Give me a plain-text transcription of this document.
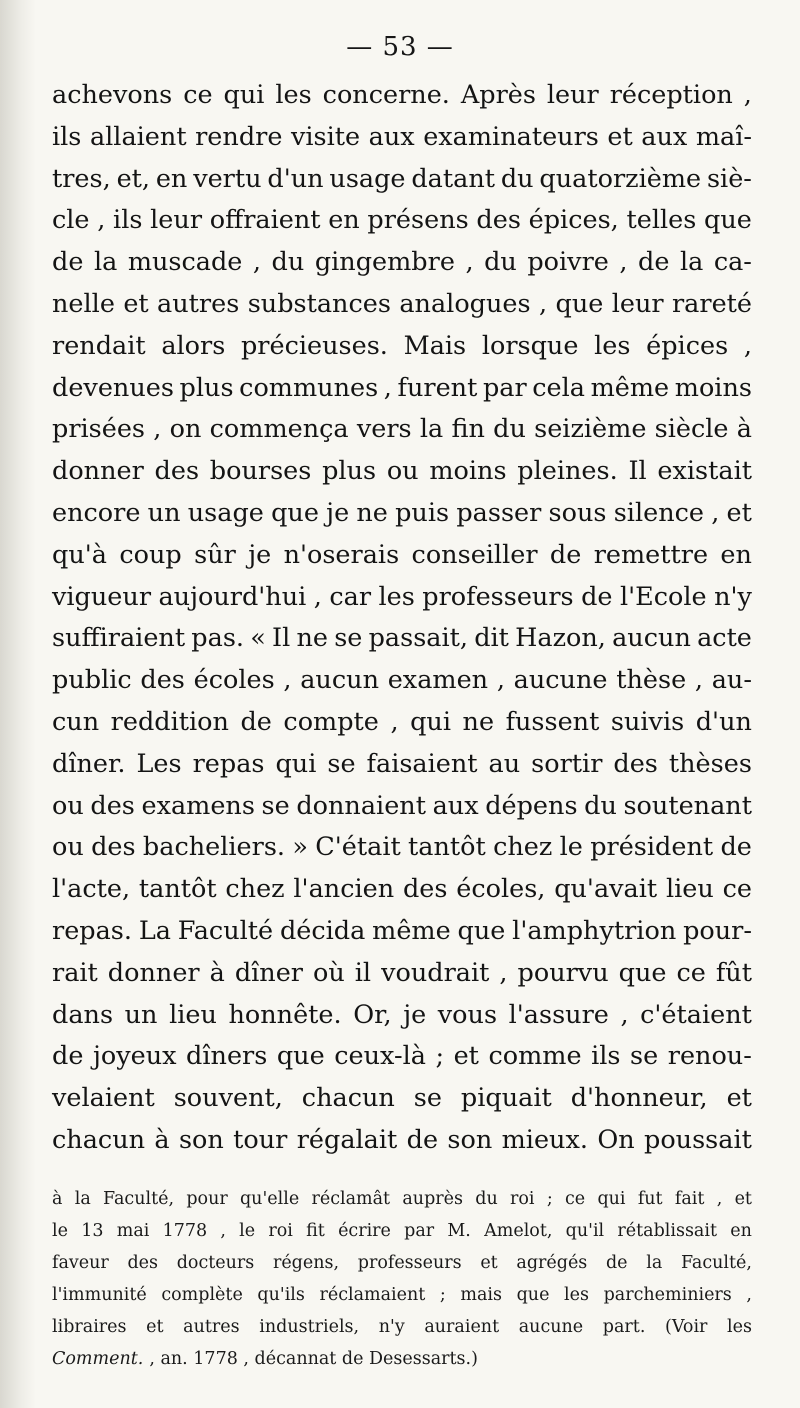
— 53 —
achevons ce qui les concerne. Après leur réception ,
ils allaient rendre visite aux examinateurs et aux maî-
tres, et, en vertu d'un usage datant du quatorzième siè-
cle , ils leur offraient en présens des épices, telles que
de la muscade , du gingembre , du poivre , de la ca-
nelle et autres substances analogues , que leur rareté
rendait alors précieuses. Mais lorsque les épices ,
devenues plus communes , furent par cela même moins
prisées , on commença vers la fin du seizième siècle à
donner des bourses plus ou moins pleines. Il existait
encore un usage que je ne puis passer sous silence , et
qu'à coup sûr je n'oserais conseiller de remettre en
vigueur aujourd'hui , car les professeurs de l'Ecole n'y
suffiraient pas. « Il ne se passait, dit Hazon, aucun acte
public des écoles , aucun examen , aucune thèse , au-
cun reddition de compte , qui ne fussent suivis d'un
dîner. Les repas qui se faisaient au sortir des thèses
ou des examens se donnaient aux dépens du soutenant
ou des bacheliers. » C'était tantôt chez le président de
l'acte, tantôt chez l'ancien des écoles, qu'avait lieu ce
repas. La Faculté décida même que l'amphytrion pour-
rait donner à dîner où il voudrait , pourvu que ce fût
dans un lieu honnête. Or, je vous l'assure , c'étaient
de joyeux dîners que ceux-là ; et comme ils se renou-
velaient souvent, chacun se piquait d'honneur, et
chacun à son tour régalait de son mieux. On poussait
à la Faculté, pour qu'elle réclamât auprès du roi ; ce qui fut fait , et
le 13 mai 1778 , le roi fit écrire par M. Amelot, qu'il rétablissait en
faveur des docteurs régens, professeurs et agrégés de la Faculté,
l'immunité complète qu'ils réclamaient ; mais que les parcheminiers ,
libraires et autres industriels, n'y auraient aucune part. (Voir les
Comment. , an. 1778 , décannat de Desessarts.)
